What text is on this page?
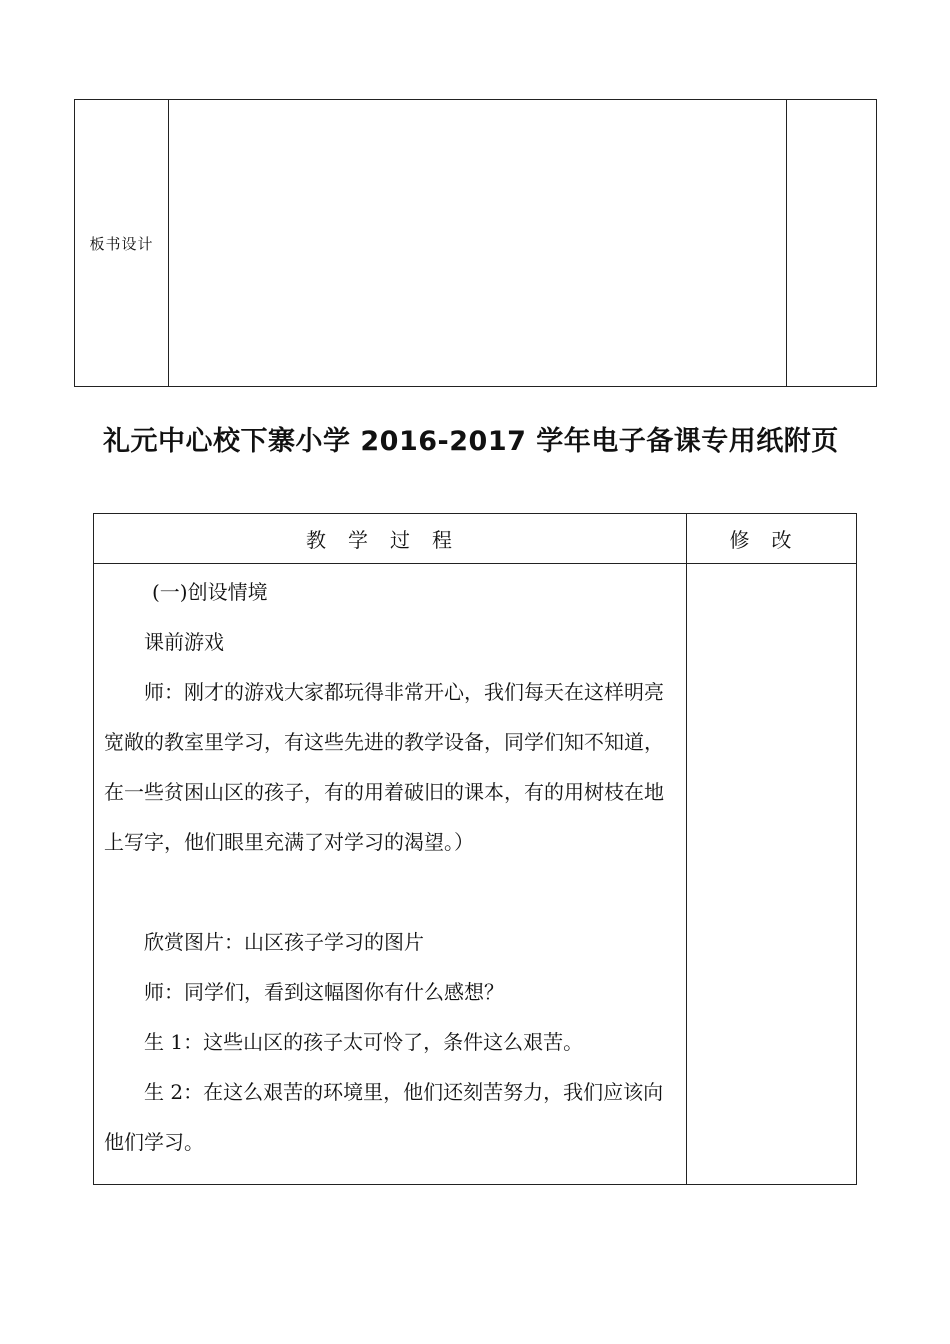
板书设计
礼元中心校下寨小学 2016-2017 学年电子备课专用纸附页
教学过程	修改
(一)创设情境
课前游戏
师：刚才的游戏大家都玩得非常开心，我们每天在这样明亮宽敞的教室里学习，有这些先进的教学设备，同学们知不知道，在一些贫困山区的孩子，有的用着破旧的课本，有的用树枝在地上写字，他们眼里充满了对学习的渴望。）
欣赏图片：山区孩子学习的图片
师：同学们，看到这幅图你有什么感想？
生 1：这些山区的孩子太可怜了，条件这么艰苦。
生 2：在这么艰苦的环境里，他们还刻苦努力，我们应该向他们学习。
